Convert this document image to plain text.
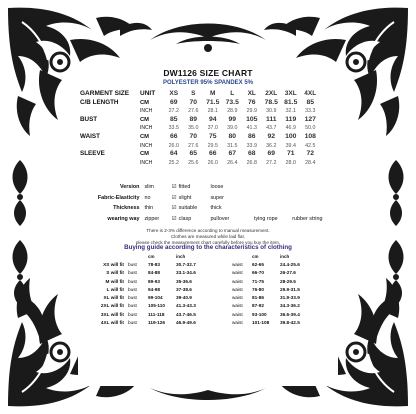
DW1126 SIZE CHART
POLYESTER 95% SPANDEX 5%
GARMENT SIZE	UNIT	XS	S	M	L	XL	2XL	3XL	4XL
C/B LENGTH	CM	69	70	71.5	73.5	76	78.5	81.5	85
	INCH	27.2	27.6	28.1	28.9	29.9	30.9	32.1	33.3
BUST	CM	85	89	94	99	105	111	119	127
	INCH	33.5	35.0	37.0	39.0	41.3	43.7	46.9	50.0
WAIST	CM	66	70	75	80	86	92	100	108
	INCH	26.0	27.6	29.5	31.5	33.9	36.2	39.4	42.5
SLEEVE	CM	64	65	66	67	68	69	71	72
	INCH	25.2	25.6	26.0	26.4	26.8	27.2	28.0	28.4
Version	slim	☑ fitted	loose		
Fabric-Elasticity	no	☑ slight	super		
Thickness	thin	☑ suitable	thick		
wearing way	zipper	☑ clasp	pullover	tying rope	rubber string
There is 2-3% difference according to manual measurement.
Clothes are measured while laid flat.
please check the measurement chart carefully before you buy the item.
Buying guide according to the characteristics of clothing
		cm	inch		cm	inch
XS will fit	bust	78-83	30.7-32.7	waist	62-65	24.4-25.6
S will fit	bust	84-88	33.1-34.6	waist	66-70	26-27.6
M will fit	bust	89-93	35-36.6	waist	71-75	28-29.5
L will fit	bust	94-98	37-38.6	waist	76-80	29.9-31.5
XL will fit	bust	99-104	39-40.9	waist	81-86	31.9-33.9
2XL will fit	bust	105-110	41.3-43.3	waist	87-92	34.3-36.2
3XL will fit	bust	111-118	43.7-46.5	waist	93-100	36.6-39.4
4XL will fit	bust	119-126	46.9-49.6	waist	101-108	39.8-42.5
